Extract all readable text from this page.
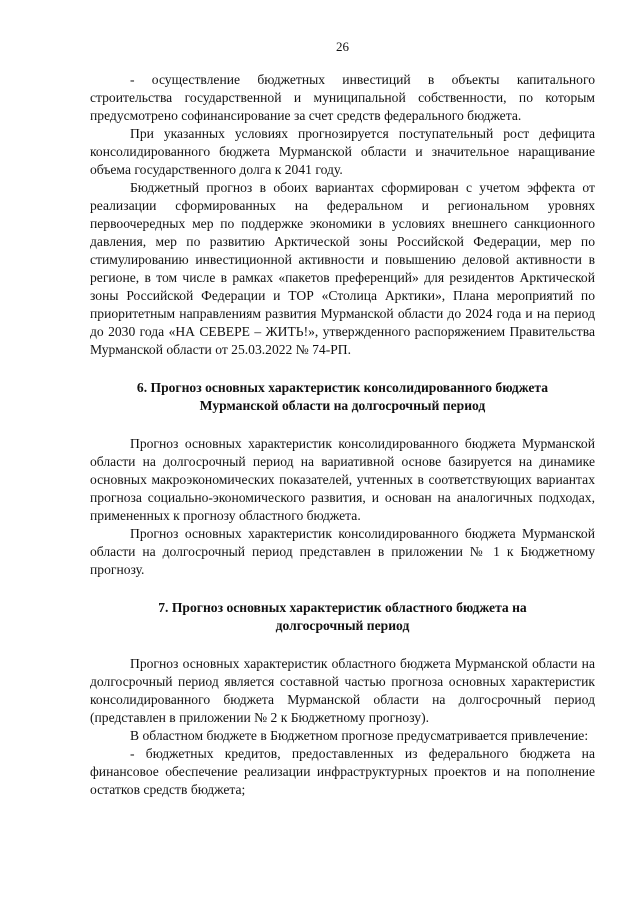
26

- осуществление бюджетных инвестиций в объекты капитального строительства государственной и муниципальной собственности, по которым предусмотрено софинансирование за счет средств федерального бюджета.

При указанных условиях прогнозируется поступательный рост дефицита консолидированного бюджета Мурманской области и значительное наращивание объема государственного долга к 2041 году.

Бюджетный прогноз в обоих вариантах сформирован с учетом эффекта от реализации сформированных на федеральном и региональном уровнях первоочередных мер по поддержке экономики в условиях внешнего санкционного давления, мер по развитию Арктической зоны Российской Федерации, мер по стимулированию инвестиционной активности и повышению деловой активности в регионе, в том числе в рамках «пакетов преференций» для резидентов Арктической зоны Российской Федерации и ТОР «Столица Арктики», Плана мероприятий по приоритетным направлениям развития Мурманской области до 2024 года и на период до 2030 года «НА СЕВЕРЕ – ЖИТЬ!», утвержденного распоряжением Правительства Мурманской области от 25.03.2022 № 74-РП.

6. Прогноз основных характеристик консолидированного бюджета
Мурманской области на долгосрочный период

Прогноз основных характеристик консолидированного бюджета Мурманской области на долгосрочный период на вариативной основе базируется на динамике основных макроэкономических показателей, учтенных в соответствующих вариантах прогноза социально-экономического развития, и основан на аналогичных подходах, примененных к прогнозу областного бюджета.

Прогноз основных характеристик консолидированного бюджета Мурманской области на долгосрочный период представлен в приложении № 1 к Бюджетному прогнозу.

7. Прогноз основных характеристик областного бюджета на
долгосрочный период

Прогноз основных характеристик областного бюджета Мурманской области на долгосрочный период является составной частью прогноза основных характеристик консолидированного бюджета Мурманской области на долгосрочный период (представлен в приложении № 2 к Бюджетному прогнозу).

В областном бюджете в Бюджетном прогнозе предусматривается привлечение:

- бюджетных кредитов, предоставленных из федерального бюджета на финансовое обеспечение реализации инфраструктурных проектов и на пополнение остатков средств бюджета;
